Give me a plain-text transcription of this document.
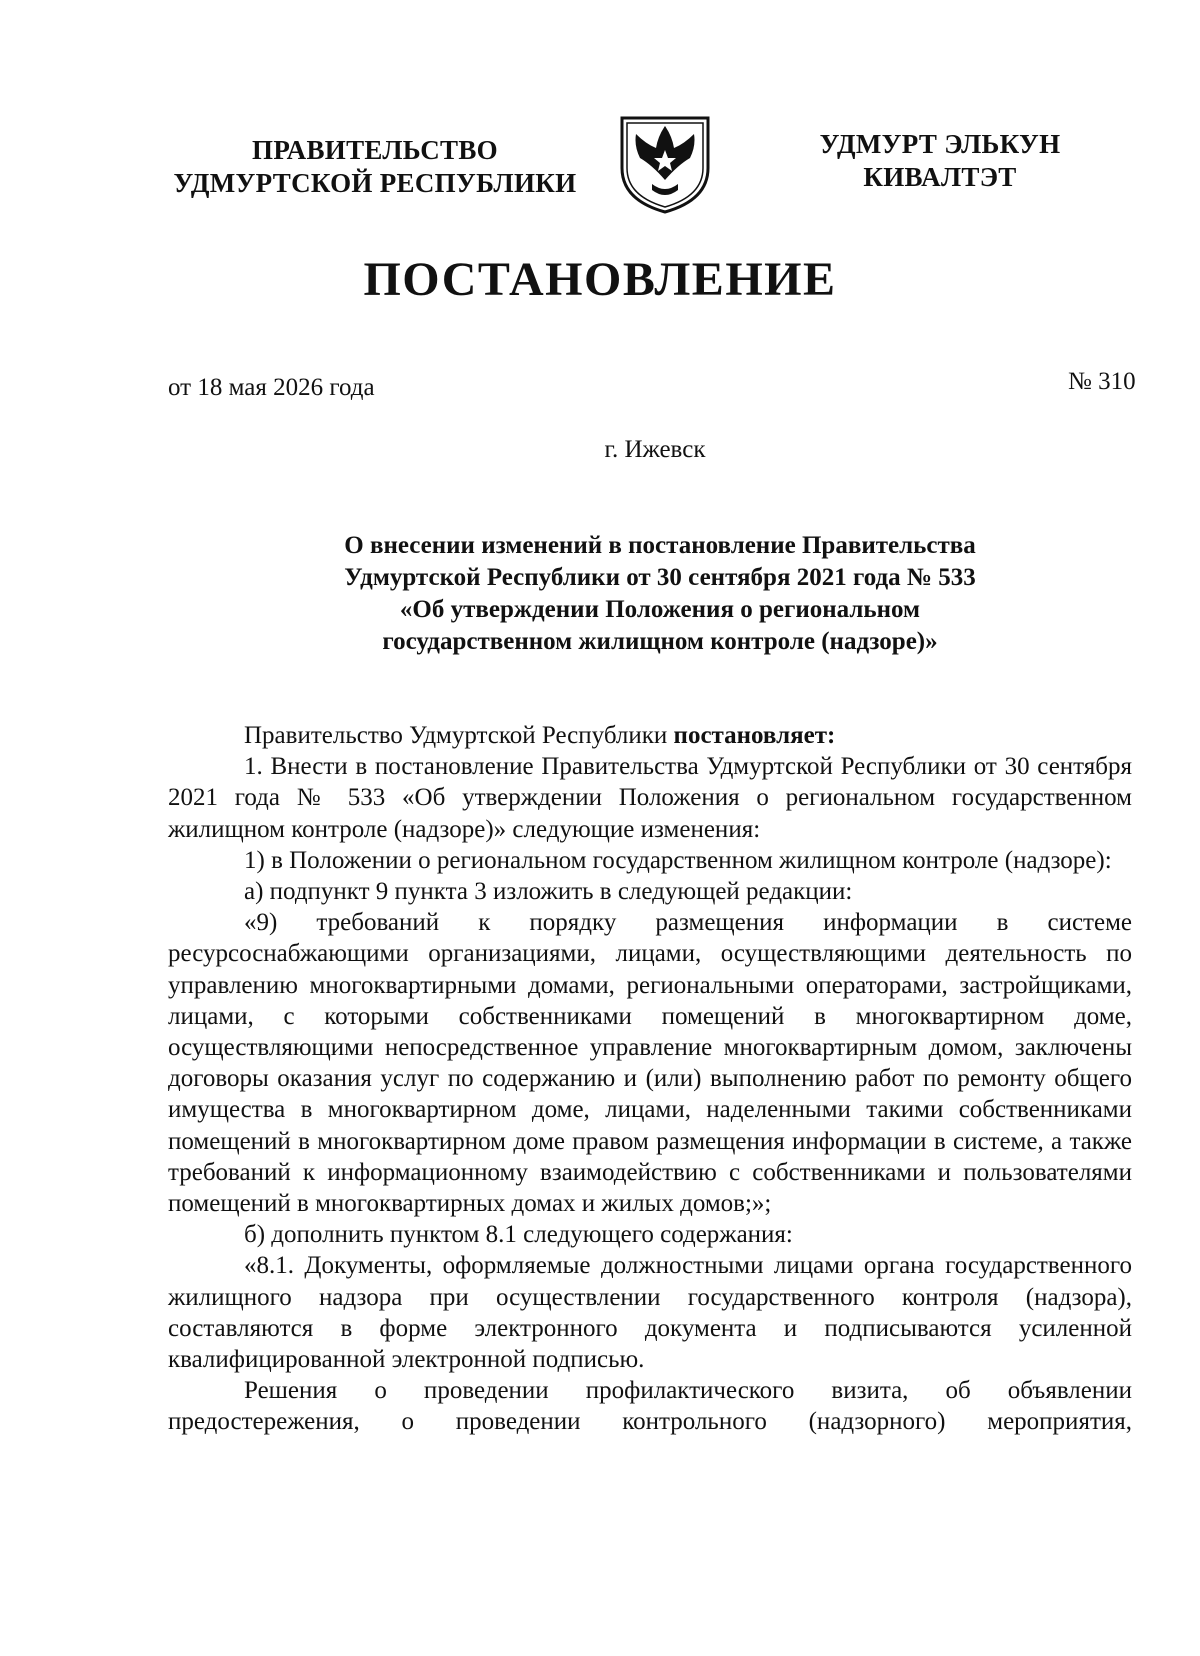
ПРАВИТЕЛЬСТВО
УДМУРТСКОЙ РЕСПУБЛИКИ
УДМУРТ ЭЛЬКУН
КИВАЛТЭТ
ПОСТАНОВЛЕНИЕ
от 18 мая 2026 года	№ 310
г. Ижевск
О внесении изменений в постановление Правительства
Удмуртской Республики от 30 сентября 2021 года № 533
«Об утверждении Положения о региональном
государственном жилищном контроле (надзоре)»

Правительство Удмуртской Республики постановляет:

1. Внести в постановление Правительства Удмуртской Республики от 30 сентября 2021 года № 533 «Об утверждении Положения о региональном государственном жилищном контроле (надзоре)» следующие изменения:

1) в Положении о региональном государственном жилищном контроле (надзоре):

а) подпункт 9 пункта 3 изложить в следующей редакции:

«9) требований к порядку размещения информации в системе ресурсоснабжающими организациями, лицами, осуществляющими деятельность по управлению многоквартирными домами, региональными операторами, застройщиками, лицами, с которыми собственниками помещений в многоквартирном доме, осуществляющими непосредственное управление многоквартирным домом, заключены договоры оказания услуг по содержанию и (или) выполнению работ по ремонту общего имущества в многоквартирном доме, лицами, наделенными такими собственниками помещений в многоквартирном доме правом размещения информации в системе, а также требований к информационному взаимодействию с собственниками и пользователями помещений в многоквартирных домах и жилых домов;»;

б) дополнить пунктом 8.1 следующего содержания:

«8.1. Документы, оформляемые должностными лицами органа государственного жилищного надзора при осуществлении государственного контроля (надзора), составляются в форме электронного документа и подписываются усиленной квалифицированной электронной подписью.

Решения о проведении профилактического визита, об объявлении предостережения, о проведении контрольного (надзорного) мероприятия,
